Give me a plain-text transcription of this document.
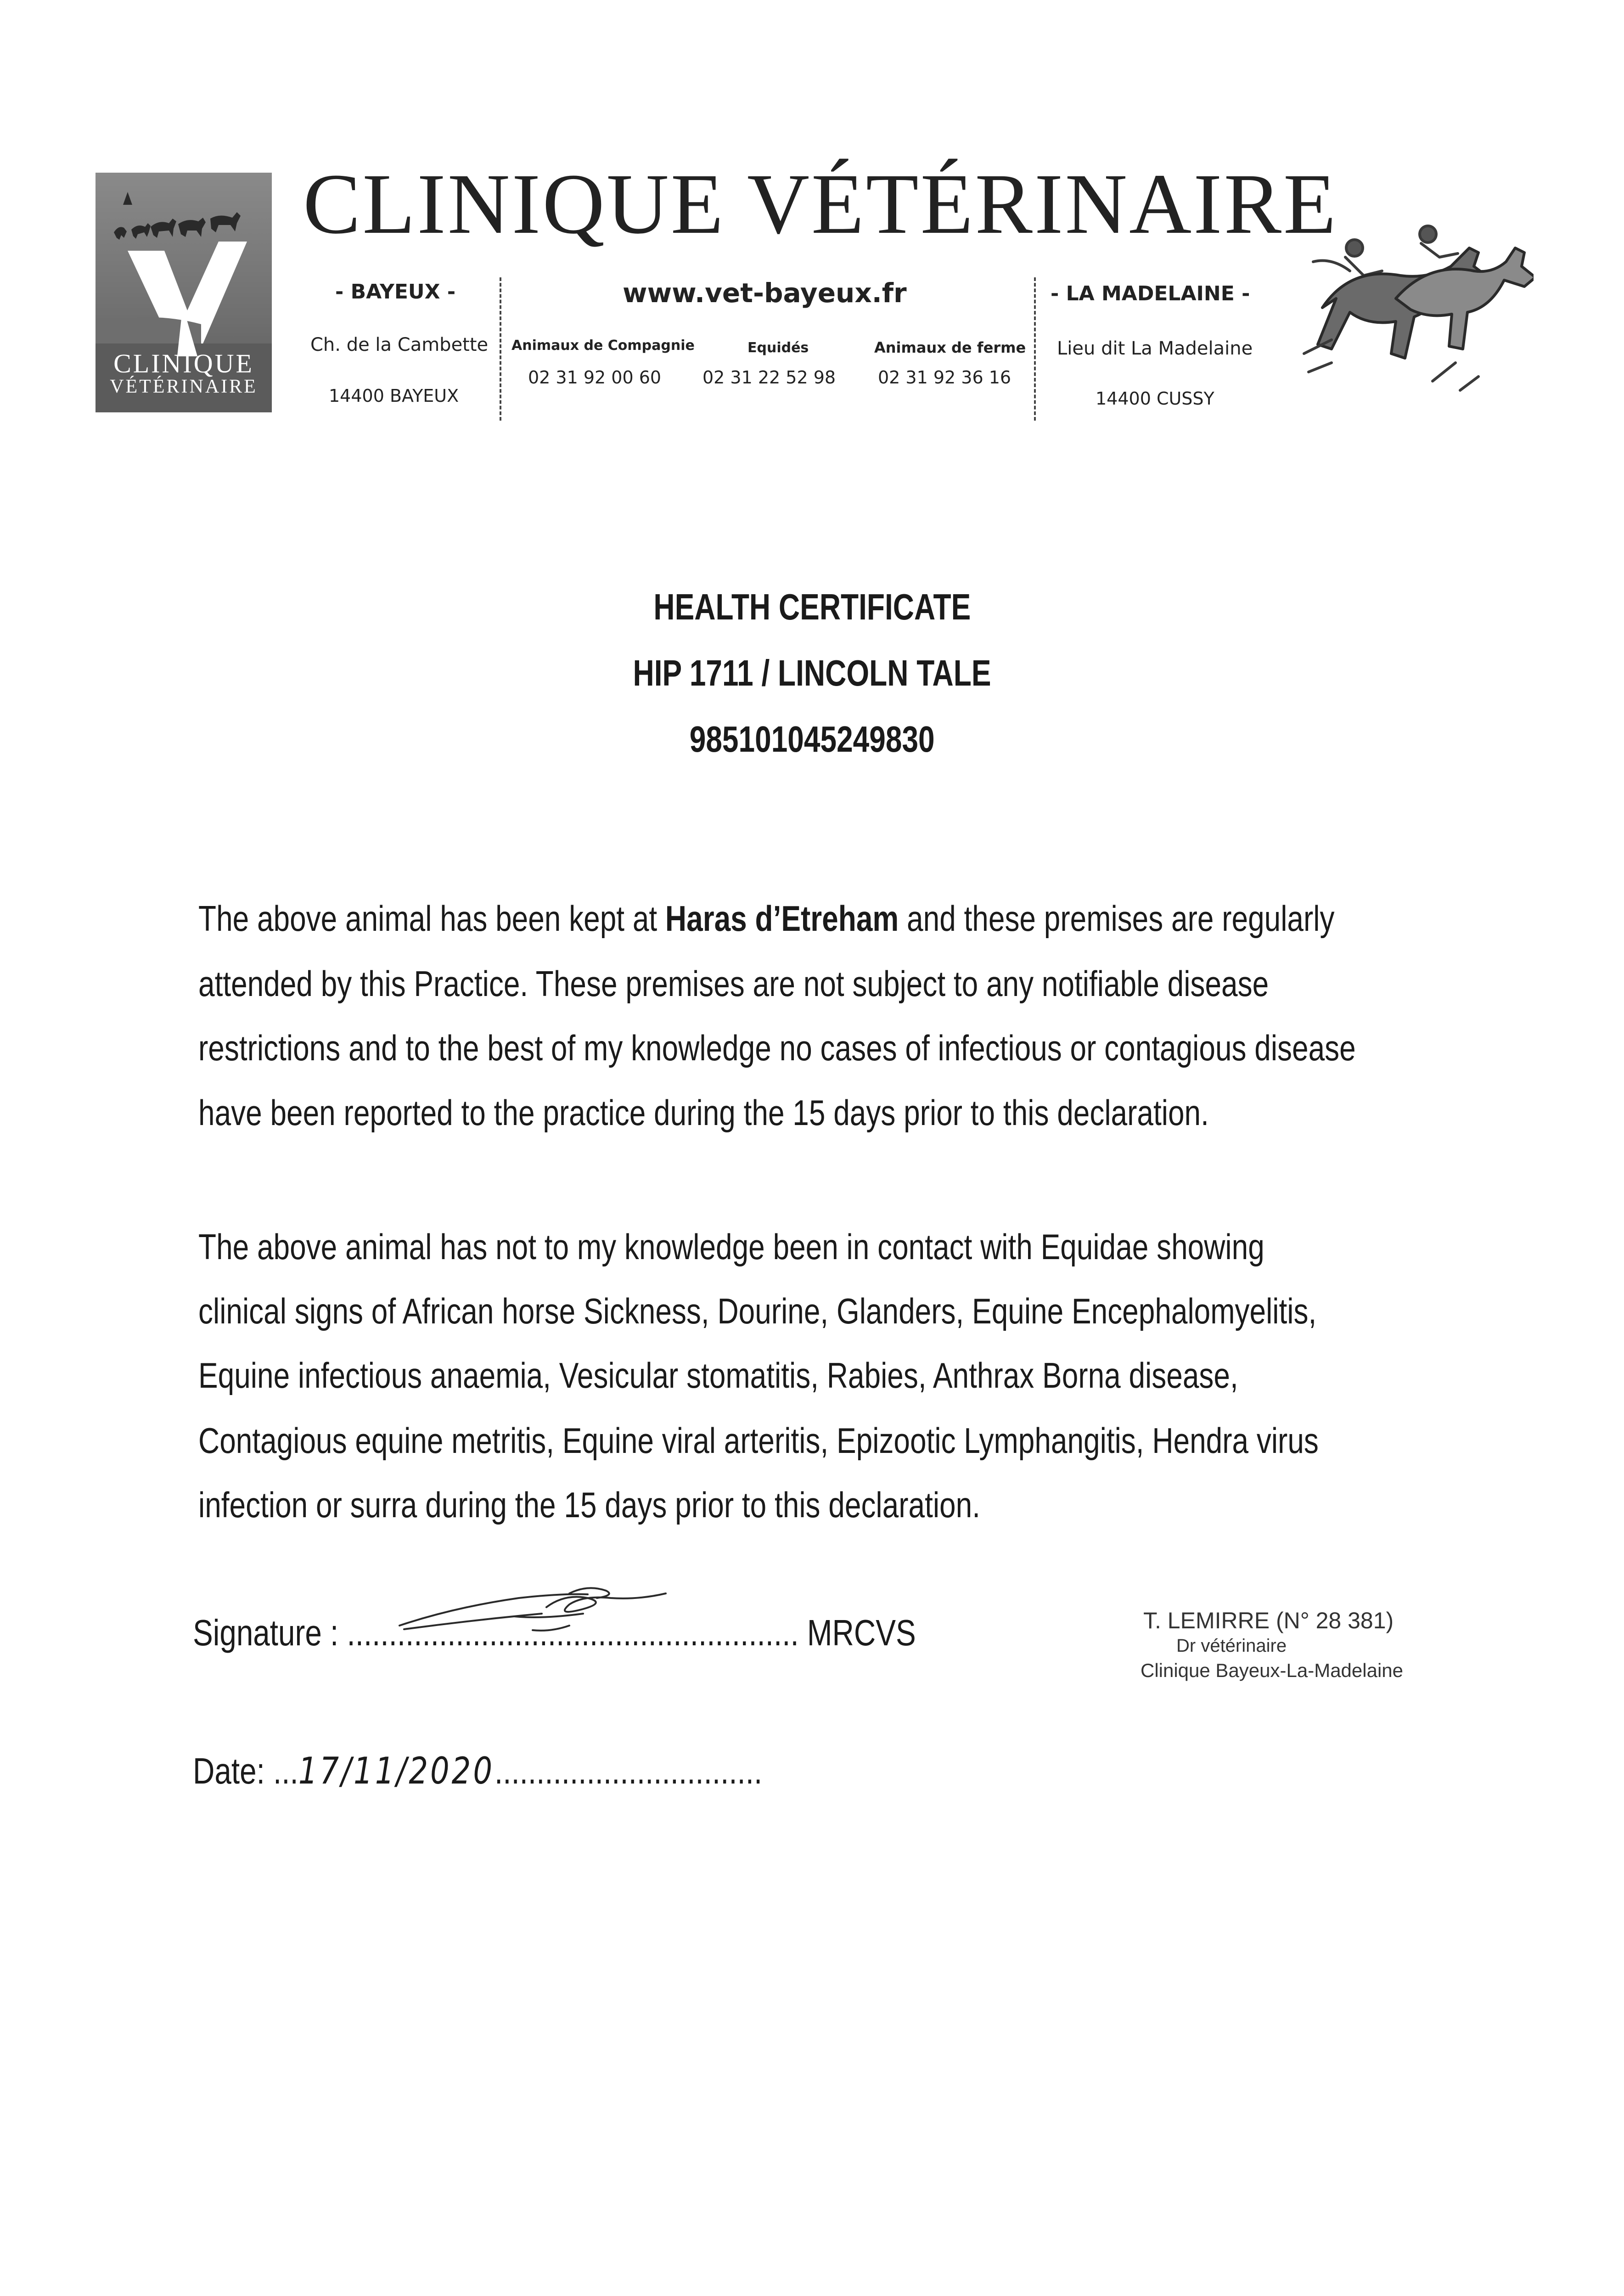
CLINIQUE
VÉTÉRINAIRE
CLINIQUE VÉTÉRINAIRE
- BAYEUX -
Ch. de la Cambette
14400 BAYEUX
www.vet-bayeux.fr
Animaux de Compagnie
02 31 92 00 60
Equidés
02 31 22 52 98
Animaux de ferme
02 31 92 36 16
- LA MADELAINE -
Lieu dit La Madelaine
14400 CUSSY
HEALTH CERTIFICATE
HIP 1711 / LINCOLN TALE
985101045249830
The above animal has been kept at Haras d’Etreham and these premises are regularly
attended by this Practice. These premises are not subject to any notifiable disease
restrictions and to the best of my knowledge no cases of infectious or contagious disease
have been reported to the practice during the 15 days prior to this declaration.
The above animal has not to my knowledge been in contact with Equidae showing
clinical signs of African horse Sickness, Dourine, Glanders, Equine Encephalomyelitis,
Equine infectious anaemia, Vesicular stomatitis, Rabies, Anthrax Borna disease,
Contagious equine metritis, Equine viral arteritis, Epizootic Lymphangitis, Hendra virus
infection or surra during the 15 days prior to this declaration.
Signature : ...................................................... MRCVS	T. LEMIRRE (N° 28 381)
Dr vétérinaire
Clinique Bayeux-La-Madelaine
Date: ...17/11/2020................................
